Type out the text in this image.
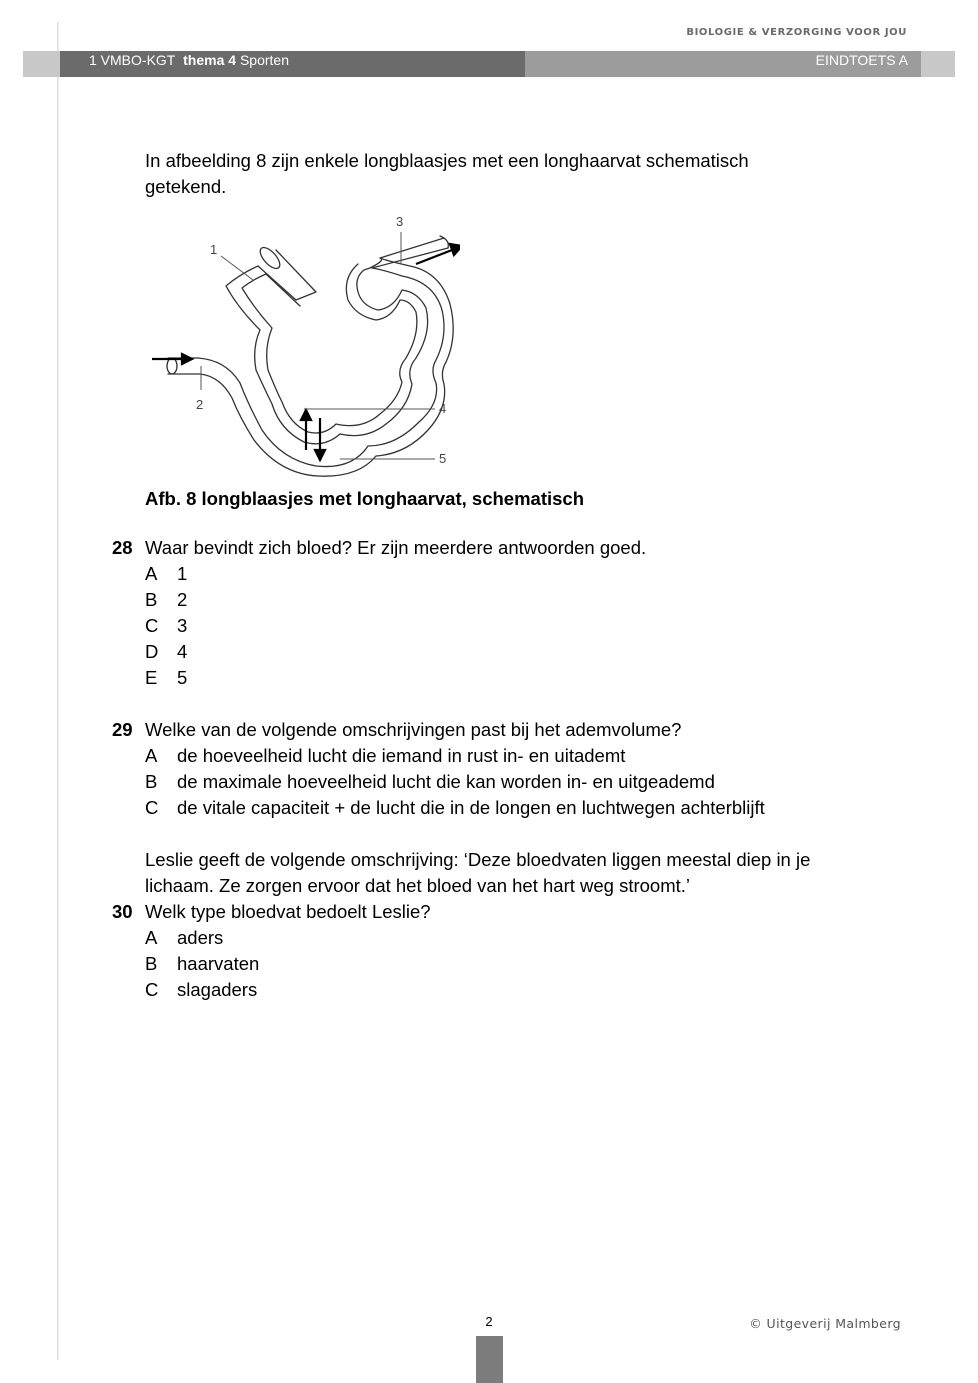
BIOLOGIE & VERZORGING VOOR JOU
1 VMBO-KGT thema 4 Sporten	EINDTOETS A
In afbeelding 8 zijn enkele longblaasjes met een longhaarvat schematisch
getekend.
1
2
3
4
5
Afb. 8 longblaasjes met longhaarvat, schematisch
28 Waar bevindt zich bloed? Er zijn meerdere antwoorden goed.
A 1
B 2
C 3
D 4
E 5
29 Welke van de volgende omschrijvingen past bij het ademvolume?
A de hoeveelheid lucht die iemand in rust in- en uitademt
B de maximale hoeveelheid lucht die kan worden in- en uitgeademd
C de vitale capaciteit + de lucht die in de longen en luchtwegen achterblijft
Leslie geeft de volgende omschrijving: ‘Deze bloedvaten liggen meestal diep in je
lichaam. Ze zorgen ervoor dat het bloed van het hart weg stroomt.’
30 Welk type bloedvat bedoelt Leslie?
A aders
B haarvaten
C slagaders
2	© Uitgeverij Malmberg
